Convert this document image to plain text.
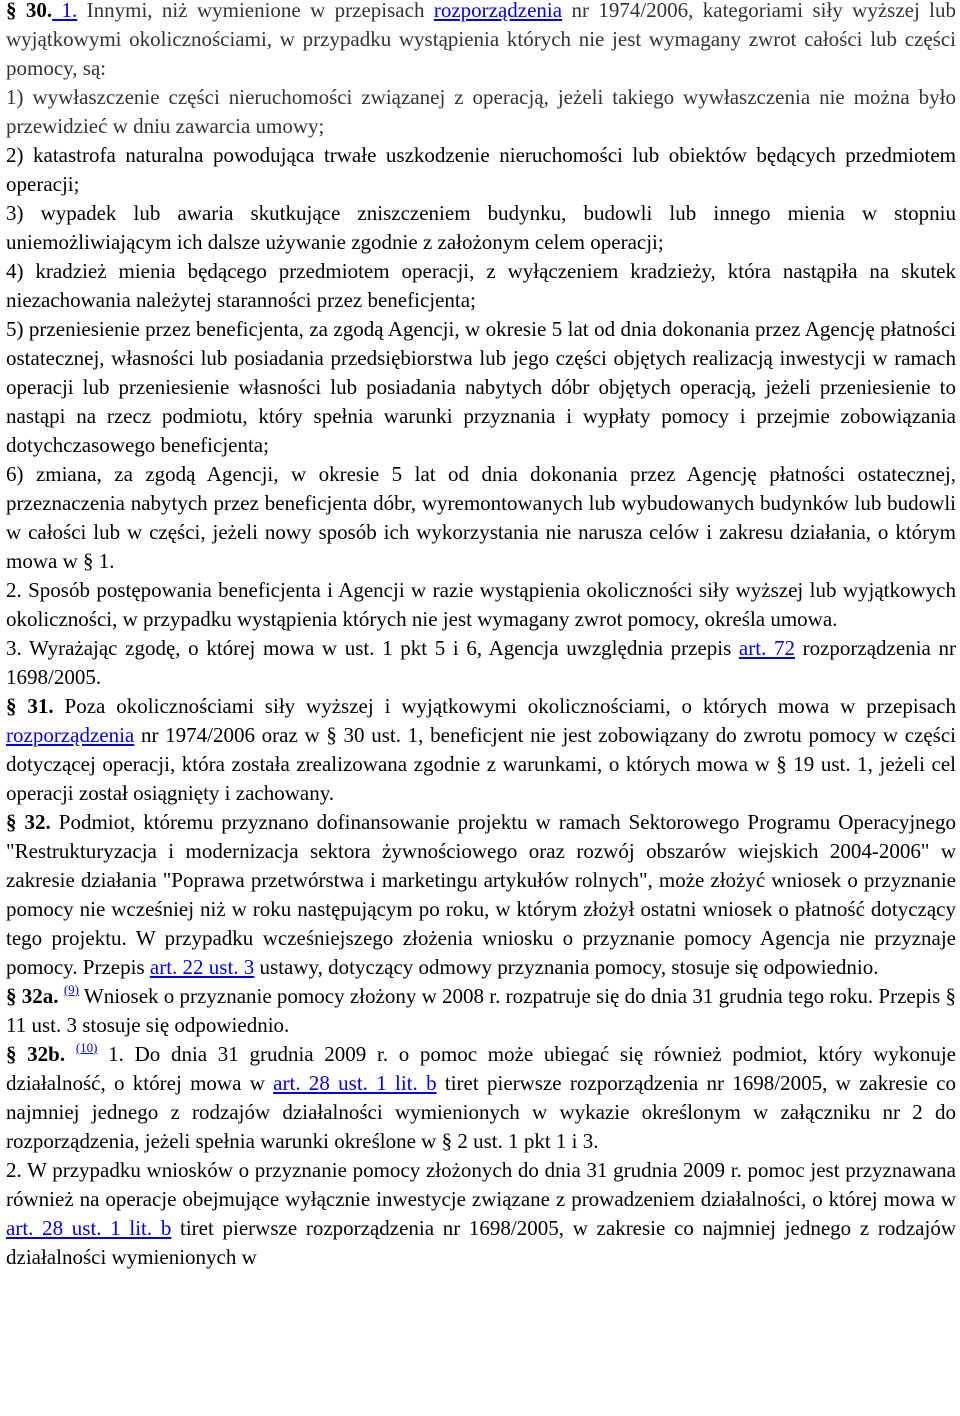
§ 30. 1. Innymi, niż wymienione w przepisach rozporządzenia nr 1974/2006, kategoriami siły wyższej lub wyjątkowymi okolicznościami, w przypadku wystąpienia których nie jest wymagany zwrot całości lub części pomocy, są:

1) wywłaszczenie części nieruchomości związanej z operacją, jeżeli takiego wywłaszczenia nie można było przewidzieć w dniu zawarcia umowy;

2) katastrofa naturalna powodująca trwałe uszkodzenie nieruchomości lub obiektów będących przedmiotem operacji;

3) wypadek lub awaria skutkujące zniszczeniem budynku, budowli lub innego mienia w stopniu uniemożliwiającym ich dalsze używanie zgodnie z założonym celem operacji;

4) kradzież mienia będącego przedmiotem operacji, z wyłączeniem kradzieży, która nastąpiła na skutek niezachowania należytej staranności przez beneficjenta;

5) przeniesienie przez beneficjenta, za zgodą Agencji, w okresie 5 lat od dnia dokonania przez Agencję płatności ostatecznej, własności lub posiadania przedsiębiorstwa lub jego części objętych realizacją inwestycji w ramach operacji lub przeniesienie własności lub posiadania nabytych dóbr objętych operacją, jeżeli przeniesienie to nastąpi na rzecz podmiotu, który spełnia warunki przyznania i wypłaty pomocy i przejmie zobowiązania dotychczasowego beneficjenta;

6) zmiana, za zgodą Agencji, w okresie 5 lat od dnia dokonania przez Agencję płatności ostatecznej, przeznaczenia nabytych przez beneficjenta dóbr, wyremontowanych lub wybudowanych budynków lub budowli w całości lub w części, jeżeli nowy sposób ich wykorzystania nie narusza celów i zakresu działania, o którym mowa w § 1.

2. Sposób postępowania beneficjenta i Agencji w razie wystąpienia okoliczności siły wyższej lub wyjątkowych okoliczności, w przypadku wystąpienia których nie jest wymagany zwrot pomocy, określa umowa.

3. Wyrażając zgodę, o której mowa w ust. 1 pkt 5 i 6, Agencja uwzględnia przepis art. 72 rozporządzenia nr 1698/2005.

§ 31. Poza okolicznościami siły wyższej i wyjątkowymi okolicznościami, o których mowa w przepisach rozporządzenia nr 1974/2006 oraz w § 30 ust. 1, beneficjent nie jest zobowiązany do zwrotu pomocy w części dotyczącej operacji, która została zrealizowana zgodnie z warunkami, o których mowa w § 19 ust. 1, jeżeli cel operacji został osiągnięty i zachowany.

§ 32. Podmiot, któremu przyznano dofinansowanie projektu w ramach Sektorowego Programu Operacyjnego "Restrukturyzacja i modernizacja sektora żywnościowego oraz rozwój obszarów wiejskich 2004-2006" w zakresie działania "Poprawa przetwórstwa i marketingu artykułów rolnych", może złożyć wniosek o przyznanie pomocy nie wcześniej niż w roku następującym po roku, w którym złożył ostatni wniosek o płatność dotyczący tego projektu. W przypadku wcześniejszego złożenia wniosku o przyznanie pomocy Agencja nie przyznaje pomocy. Przepis art. 22 ust. 3 ustawy, dotyczący odmowy przyznania pomocy, stosuje się odpowiednio.

§ 32a. $^{(9)}$ Wniosek o przyznanie pomocy złożony w 2008 r. rozpatruje się do dnia 31 grudnia tego roku. Przepis § 11 ust. 3 stosuje się odpowiednio.

§ 32b. $^{(10)}$ 1. Do dnia 31 grudnia 2009 r. o pomoc może ubiegać się również podmiot, który wykonuje działalność, o której mowa w art. 28 ust. 1 lit. b tiret pierwsze rozporządzenia nr 1698/2005, w zakresie co najmniej jednego z rodzajów działalności wymienionych w wykazie określonym w załączniku nr 2 do rozporządzenia, jeżeli spełnia warunki określone w § 2 ust. 1 pkt 1 i 3.

2. W przypadku wniosków o przyznanie pomocy złożonych do dnia 31 grudnia 2009 r. pomoc jest przyznawana również na operacje obejmujące wyłącznie inwestycje związane z prowadzeniem działalności, o której mowa w art. 28 ust. 1 lit. b tiret pierwsze rozporządzenia nr 1698/2005, w zakresie co najmniej jednego z rodzajów działalności wymienionych w
